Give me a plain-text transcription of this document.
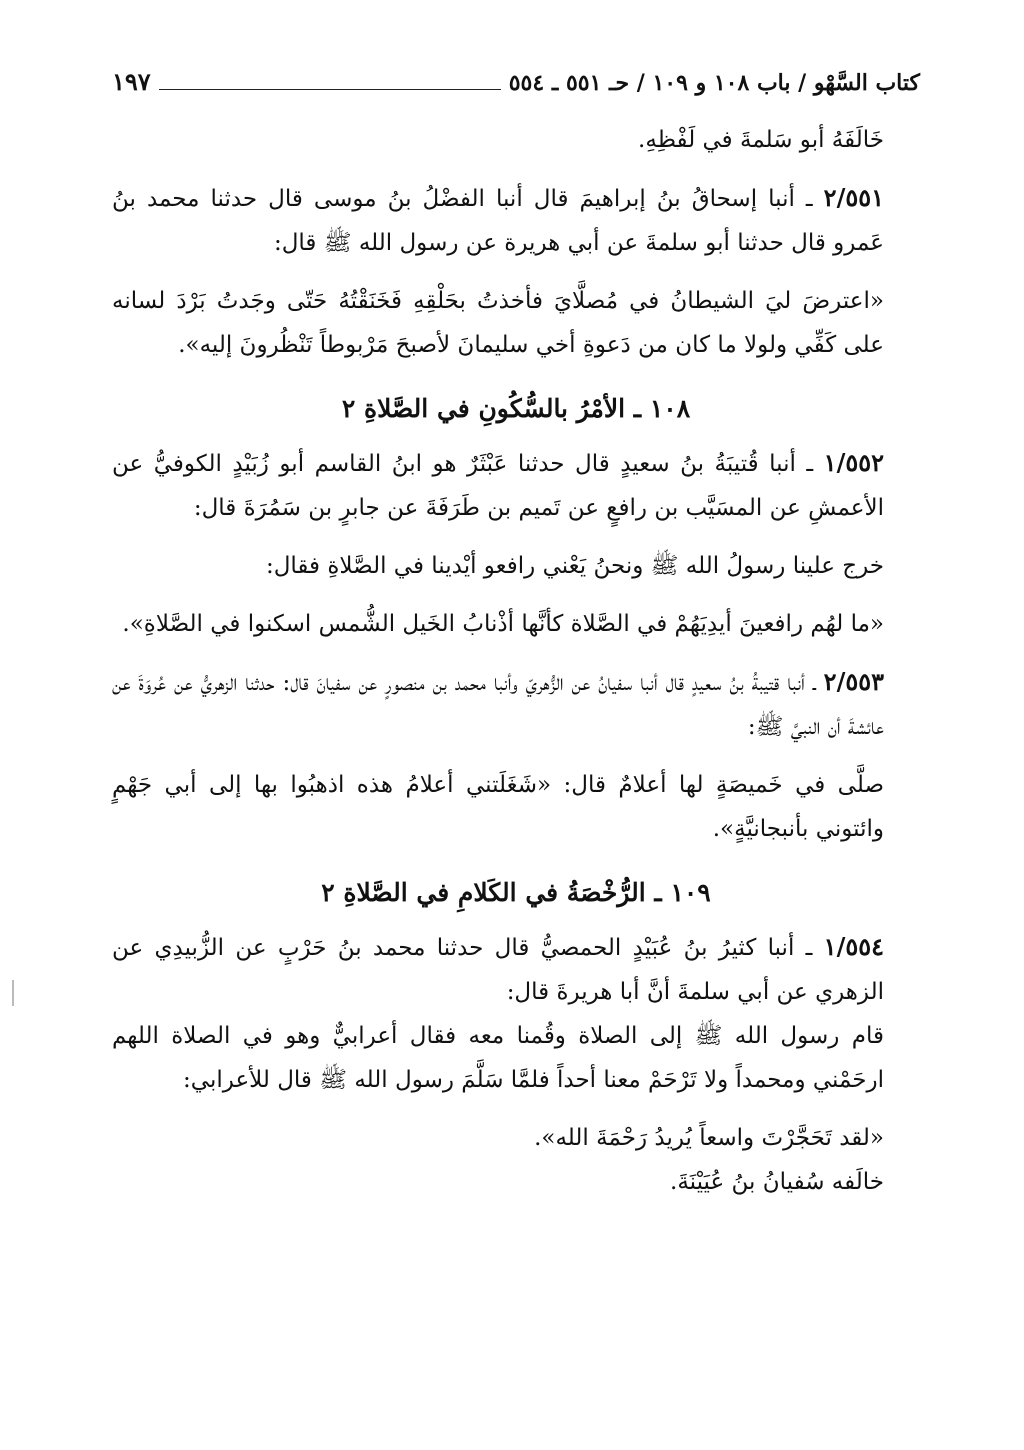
كتاب السَّهْو / باب ١٠٨ و ١٠٩ / حـ ٥٥١ ـ ٥٥٤
١٩٧

خَالَفَهُ أبو سَلمةَ في لَفْظِهِ.

٢/٥٥١ ـ أنبا إسحاقُ بنُ إبراهيمَ قال أنبا الفضْلُ بنُ موسى قال حدثنا محمد بنُ عَمرو قال حدثنا أبو سلمةَ عن أبي هريرة عن رسول الله ﷺ قال:

«اعترضَ ليَ الشيطانُ في مُصلَّايَ فأخذتُ بحَلْقِهِ فَخَنَقْتُهُ حَتّى وجَدتُ بَرْدَ لسانه على كَفِّي ولولا ما كان من دَعوةِ أخي سليمانَ لأصبحَ مَرْبوطاً تَنْظُرونَ إليه».

١٠٨ ـ الأمْرُ بالسُّكُونِ في الصَّلاةِ ٢

١/٥٥٢ ـ أنبا قُتيبَةُ بنُ سعيدٍ قال حدثنا عَبْثَرٌ هو ابنُ القاسم أبو زُبَيْدٍ الكوفيُّ عن الأعمشِ عن المسَيَّب بن رافعٍ عن تَميم بن طَرَفَةَ عن جابرٍ بن سَمُرَةَ قال:

خرج علينا رسولُ الله ﷺ ونحنُ يَعْني رافعو أيْدينا في الصَّلاةِ فقال:

«ما لهُم رافعينَ أيدِيَهُمْ في الصَّلاة كأنَّها أذْنابُ الخَيل الشُّمس اسكنوا في الصَّلاةِ».

٢/٥٥٣ ـ أنبا قتيبةُ بنُ سعيدٍ قال أنبا سفيانُ عن الزُّهريّ وأنبا محمد بن منصورٍ عن سفيانَ قال: حدثنا الزهريُّ عن عُروَةَ عن عائشةَ أن النبيَّ ﷺ:

صلَّى في خَميصَةٍ لها أعلامٌ قال: «شَغَلَتني أعلامُ هذه اذهبُوا بها إلى أبي جَهْمٍ وائتوني بأنبجانيَّةٍ».

١٠٩ ـ الرُّخْصَةُ في الكَلامِ في الصَّلاةِ ٢

١/٥٥٤ ـ أنبا كثيرُ بنُ عُبَيْدٍ الحمصيُّ قال حدثنا محمد بنُ حَرْبٍ عن الزُّبيدِي عن الزهري عن أبي سلمةَ أنَّ أبا هريرةَ قال:

قام رسول الله ﷺ إلى الصلاة وقُمنا معه فقال أعرابيٌّ وهو في الصلاة اللهم ارحَمْني ومحمداً ولا تَرْحَمْ معنا أحداً فلمَّا سَلَّمَ رسول الله ﷺ قال للأعرابي:

«لقد تَحَجَّرْتَ واسعاً يُريدُ رَحْمَةَ الله».

خالَفه سُفيانُ بنُ عُيَيْنَةَ.
